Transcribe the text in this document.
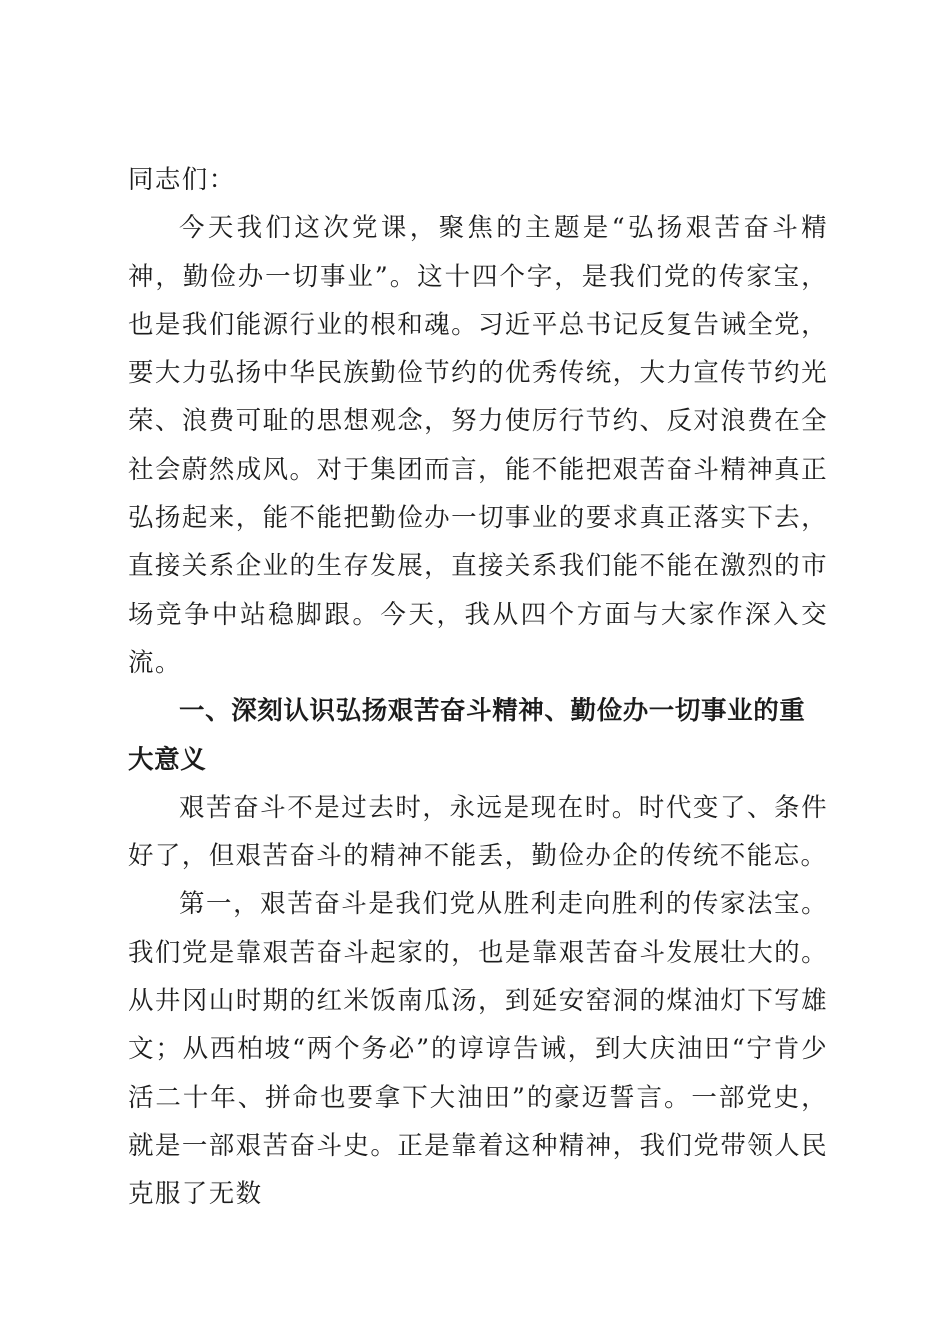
同志们：

今天我们这次党课，聚焦的主题是“弘扬艰苦奋斗精神，勤俭办一切事业”。这十四个字，是我们党的传家宝，也是我们能源行业的根和魂。习近平总书记反复告诫全党，要大力弘扬中华民族勤俭节约的优秀传统，大力宣传节约光荣、浪费可耻的思想观念，努力使厉行节约、反对浪费在全社会蔚然成风。对于集团而言，能不能把艰苦奋斗精神真正弘扬起来，能不能把勤俭办一切事业的要求真正落实下去，直接关系企业的生存发展，直接关系我们能不能在激烈的市场竞争中站稳脚跟。今天，我从四个方面与大家作深入交流。

一、深刻认识弘扬艰苦奋斗精神、勤俭办一切事业的重大意义

艰苦奋斗不是过去时，永远是现在时。时代变了、条件好了，但艰苦奋斗的精神不能丢，勤俭办企的传统不能忘。

第一，艰苦奋斗是我们党从胜利走向胜利的传家法宝。我们党是靠艰苦奋斗起家的，也是靠艰苦奋斗发展壮大的。从井冈山时期的红米饭南瓜汤，到延安窑洞的煤油灯下写雄文；从西柏坡“两个务必”的谆谆告诫，到大庆油田“宁肯少活二十年、拼命也要拿下大油田”的豪迈誓言。一部党史，就是一部艰苦奋斗史。正是靠着这种精神，我们党带领人民克服了无数
